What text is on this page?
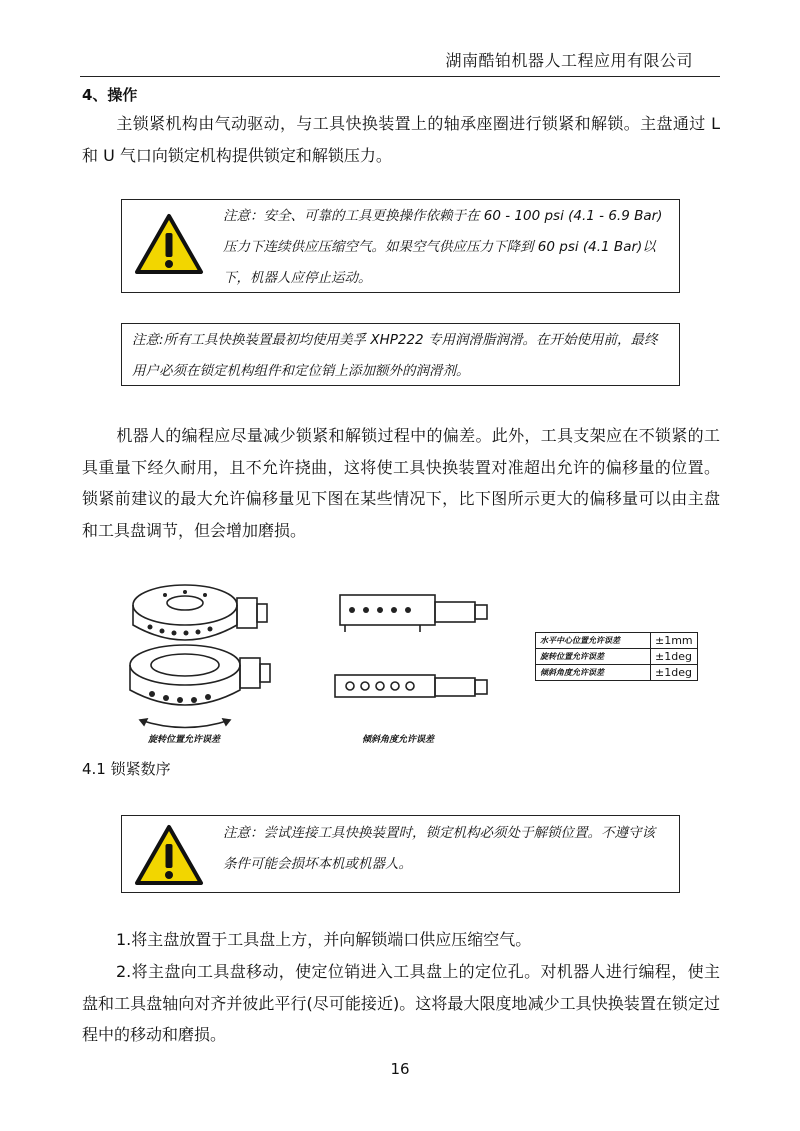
湖南酷铂机器人工程应用有限公司
4、操作
主锁紧机构由气动驱动，与工具快换装置上的轴承座圈进行锁紧和解锁。主盘通过 L 和 U 气口向锁定机构提供锁定和解锁压力。
注意：安全、可靠的工具更换操作依赖于在 60 - 100 psi (4.1 - 6.9 Bar)压力下连续供应压缩空气。如果空气供应压力下降到 60 psi (4.1 Bar)以下，机器人应停止运动。
注意:所有工具快换装置最初均使用美孚 XHP222 专用润滑脂润滑。在开始使用前，最终用户必须在锁定机构组件和定位销上添加额外的润滑剂。
机器人的编程应尽量减少锁紧和解锁过程中的偏差。此外，工具支架应在不锁紧的工具重量下经久耐用，且不允许挠曲，这将使工具快换装置对准超出允许的偏移量的位置。锁紧前建议的最大允许偏移量见下图在某些情况下，比下图所示更大的偏移量可以由主盘和工具盘调节，但会增加磨损。
旋转位置允许误差	倾斜角度允许误差
水平中心位置允许误差	±1mm
旋转位置允许误差	±1deg
倾斜角度允许误差	±1deg
4.1 锁紧数序
注意：尝试连接工具快换装置时，锁定机构必须处于解锁位置。不遵守该条件可能会损坏本机或机器人。
1.将主盘放置于工具盘上方，并向解锁端口供应压缩空气。
2.将主盘向工具盘移动，使定位销进入工具盘上的定位孔。对机器人进行编程，使主盘和工具盘轴向对齐并彼此平行(尽可能接近)。这将最大限度地减少工具快换装置在锁定过程中的移动和磨损。
16
